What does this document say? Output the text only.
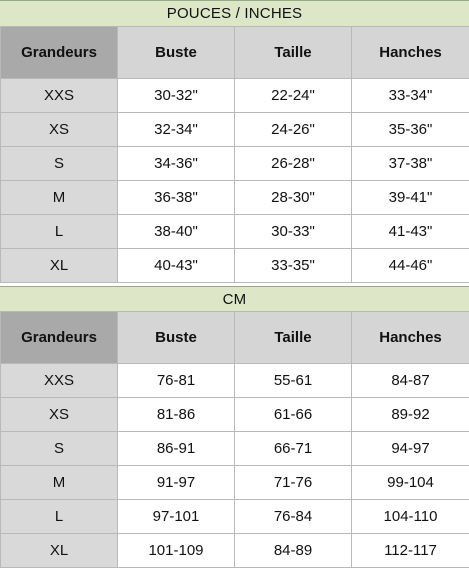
POUCES / INCHES
Grandeurs	Buste	Taille	Hanches
XXS	30-32"	22-24"	33-34"
XS	32-34"	24-26"	35-36"
S	34-36"	26-28"	37-38"
M	36-38"	28-30"	39-41"
L	38-40"	30-33"	41-43"
XL	40-43"	33-35"	44-46"
CM
Grandeurs	Buste	Taille	Hanches
XXS	76-81	55-61	84-87
XS	81-86	61-66	89-92
S	86-91	66-71	94-97
M	91-97	71-76	99-104
L	97-101	76-84	104-110
XL	101-109	84-89	112-117
